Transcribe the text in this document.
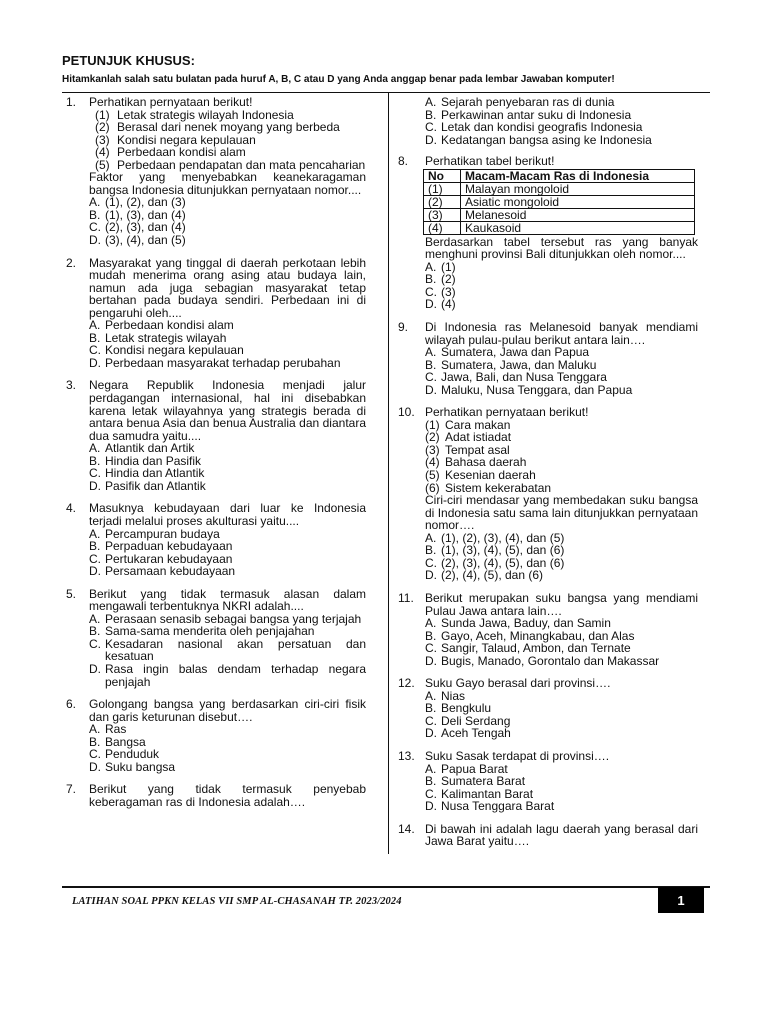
PETUNJUK KHUSUS:
Hitamkanlah salah satu bulatan pada huruf A, B, C atau D yang Anda anggap benar pada lembar Jawaban komputer!
1. Perhatikan pernyataan berikut!
(1) Letak strategis wilayah Indonesia
(2) Berasal dari nenek moyang yang berbeda
(3) Kondisi negara kepulauan
(4) Perbedaan kondisi alam
(5) Perbedaan pendapatan dan mata pencaharian
Faktor yang menyebabkan keanekaragaman bangsa Indonesia ditunjukkan pernyataan nomor....
A. (1), (2), dan (3)
B. (1), (3), dan (4)
C. (2), (3), dan (4)
D. (3), (4), dan (5)
2. Masyarakat yang tinggal di daerah perkotaan lebih mudah menerima orang asing atau budaya lain, namun ada juga sebagian masyarakat tetap bertahan pada budaya sendiri. Perbedaan ini di pengaruhi oleh....
A. Perbedaan kondisi alam
B. Letak strategis wilayah
C. Kondisi negara kepulauan
D. Perbedaan masyarakat terhadap perubahan
3. Negara Republik Indonesia menjadi jalur perdagangan internasional, hal ini disebabkan karena letak wilayahnya yang strategis berada di antara benua Asia dan benua Australia dan diantara dua samudra yaitu....
A. Atlantik dan Artik
B. Hindia dan Pasifik
C. Hindia dan Atlantik
D. Pasifik dan Atlantik
4. Masuknya kebudayaan dari luar ke Indonesia terjadi melalui proses akulturasi yaitu....
A. Percampuran budaya
B. Perpaduan kebudayaan
C. Pertukaran kebudayaan
D. Persamaan kebudayaan
5. Berikut yang tidak termasuk alasan dalam mengawali terbentuknya NKRI adalah....
A. Perasaan senasib sebagai bangsa yang terjajah
B. Sama-sama menderita oleh penjajahan
C. Kesadaran nasional akan persatuan dan kesatuan
D. Rasa ingin balas dendam terhadap negara penjajah
6. Golongang bangsa yang berdasarkan ciri-ciri fisik dan garis keturunan disebut….
A. Ras
B. Bangsa
C. Penduduk
D. Suku bangsa
7. Berikut yang tidak termasuk penyebab keberagaman ras di Indonesia adalah….
A. Sejarah penyebaran ras di dunia
B. Perkawinan antar suku di Indonesia
C. Letak dan kondisi geografis Indonesia
D. Kedatangan bangsa asing ke Indonesia
8. Perhatikan tabel berikut!
No	Macam-Macam Ras di Indonesia
(1)	Malayan mongoloid
(2)	Asiatic mongoloid
(3)	Melanesoid
(4)	Kaukasoid
Berdasarkan tabel tersebut ras yang banyak menghuni provinsi Bali ditunjukkan oleh nomor....
A. (1)
B. (2)
C. (3)
D. (4)
9. Di Indonesia ras Melanesoid banyak mendiami wilayah pulau-pulau berikut antara lain….
A. Sumatera, Jawa dan Papua
B. Sumatera, Jawa, dan Maluku
C. Jawa, Bali, dan Nusa Tenggara
D. Maluku, Nusa Tenggara, dan Papua
10. Perhatikan pernyataan berikut!
(1) Cara makan
(2) Adat istiadat
(3) Tempat asal
(4) Bahasa daerah
(5) Kesenian daerah
(6) Sistem kekerabatan
Ciri-ciri mendasar yang membedakan suku bangsa di Indonesia satu sama lain ditunjukkan pernyataan nomor….
A. (1), (2), (3), (4), dan (5)
B. (1), (3), (4), (5), dan (6)
C. (2), (3), (4), (5), dan (6)
D. (2), (4), (5), dan (6)
11. Berikut merupakan suku bangsa yang mendiami Pulau Jawa antara lain….
A. Sunda Jawa, Baduy, dan Samin
B. Gayo, Aceh, Minangkabau, dan Alas
C. Sangir, Talaud, Ambon, dan Ternate
D. Bugis, Manado, Gorontalo dan Makassar
12. Suku Gayo berasal dari provinsi….
A. Nias
B. Bengkulu
C. Deli Serdang
D. Aceh Tengah
13. Suku Sasak terdapat di provinsi….
A. Papua Barat
B. Sumatera Barat
C. Kalimantan Barat
D. Nusa Tenggara Barat
14. Di bawah ini adalah lagu daerah yang berasal dari Jawa Barat yaitu….
LATIHAN SOAL PPKN KELAS VII SMP AL-CHASANAH TP. 2023/2024	1
